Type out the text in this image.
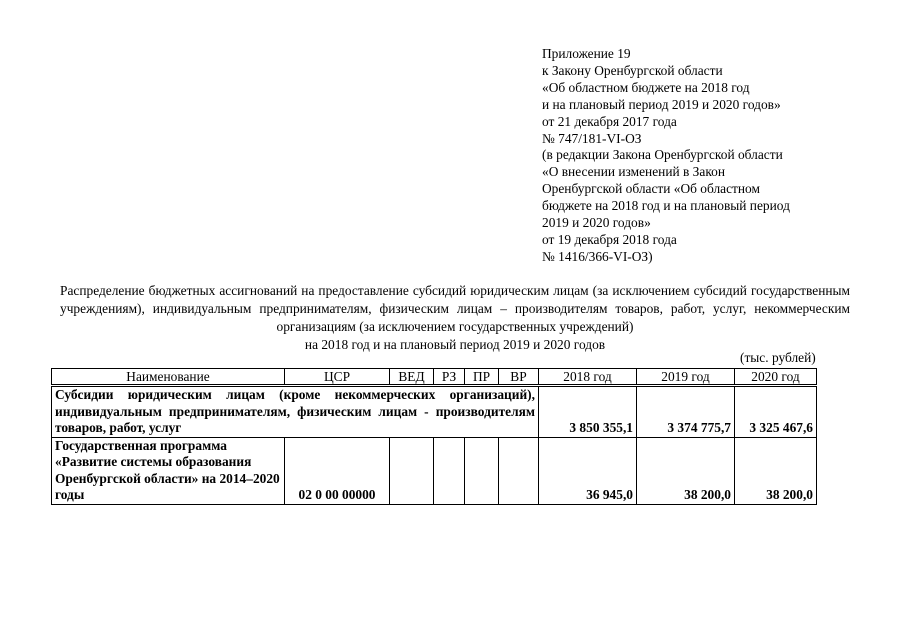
Приложение 19
к Закону Оренбургской области
«Об областном бюджете на 2018 год
и на плановый период 2019 и 2020 годов»
от 21 декабря 2017 года
№ 747/181-VI-ОЗ
(в редакции Закона Оренбургской области
«О внесении изменений в Закон
Оренбургской области «Об областном
бюджете на 2018 год и на плановый период
2019 и 2020 годов»
от 19 декабря 2018 года
№ 1416/366-VI-ОЗ)
Распределение бюджетных ассигнований на предоставление субсидий юридическим лицам (за исключением субсидий государственным учреждениям), индивидуальным предпринимателям, физическим лицам – производителям товаров, работ, услуг, некоммерческим организациям (за исключением государственных учреждений)
на 2018 год и на плановый период 2019 и 2020 годов
(тыс. рублей)
Наименование	ЦСР	ВЕД	РЗ	ПР	ВР	2018 год	2019 год	2020 год
Субсидии юридическим лицам (кроме некоммерческих организаций), индивидуальным предпринимателям, физическим лицам - производителям товаров, работ, услуг						3 850 355,1	3 374 775,7	3 325 467,6
Государственная программа «Развитие системы образования Оренбургской области» на 2014–2020 годы	02 0 00 00000					36 945,0	38 200,0	38 200,0
